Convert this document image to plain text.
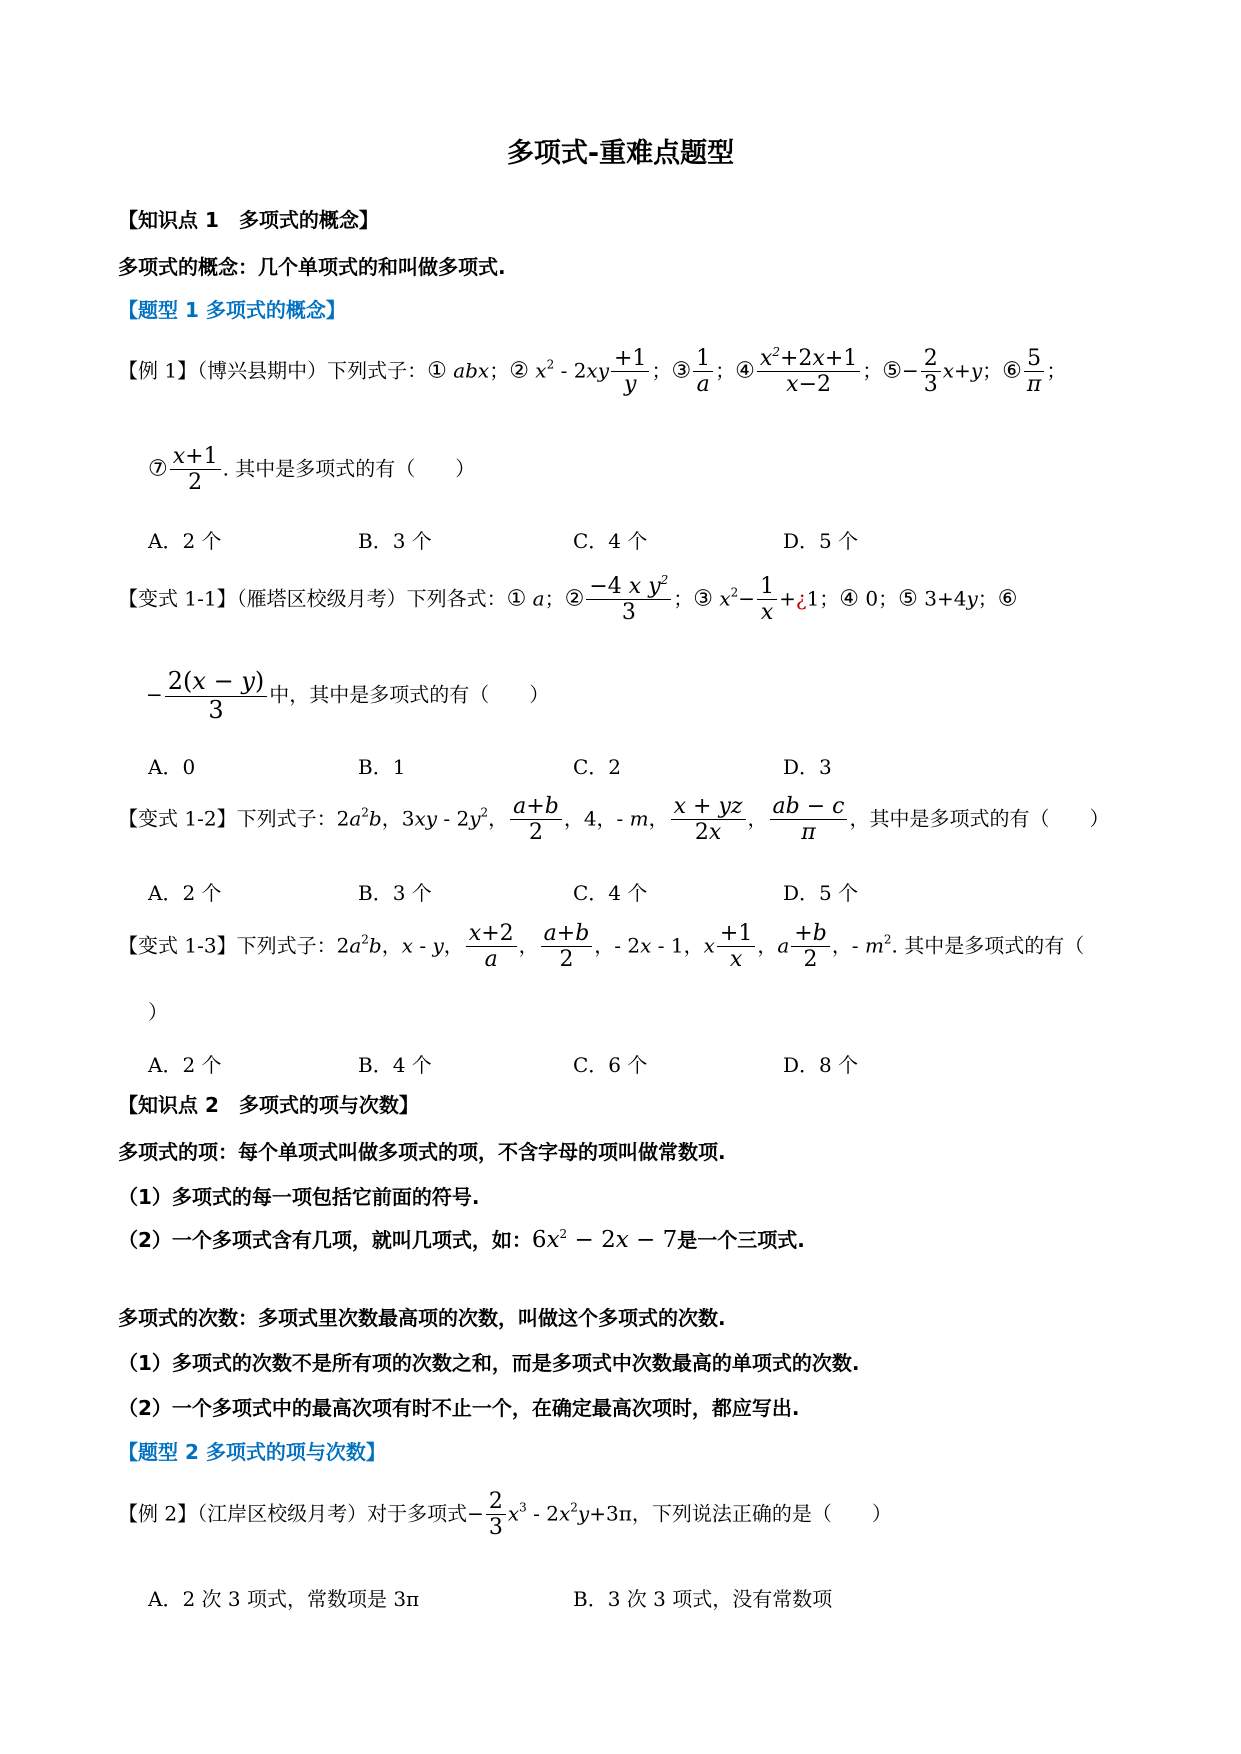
多项式-重难点题型
【知识点 1　多项式的概念】
多项式的概念：几个单项式的和叫做多项式.
【题型 1 多项式的概念】
【例 1】（博兴县期中）下列式子：① abx；② $x^2 - 2xy \frac{+1}{y}$ ；③ $\frac{1}{a}$ ；④ $\frac{x^2+2x+1}{x-2}$ ；⑤− $\frac{2}{3} x+y$；⑥ $\frac{5}{\pi}$ ；
⑦ $\frac{x+1}{2}$ . 其中是多项式的有（　　）
A．2 个	B．3 个	C．4 个	D．5 个
【变式 1-1】（雁塔区校级月考）下列各式：① a；② $\frac{-4 x y^2}{3}$ ；③ $x^2- \frac{1}{x}$ +¿1；④ 0；⑤ 3+4y；⑥
− $\frac{2(x - y)}{3}$ 中，其中是多项式的有（　　）
A．0	B．1	C．2	D．3
【变式 1-2】下列式子：$2a^2b$，$3xy - 2y^2$， $\frac{a+b}{2}$ ，4，- m， $\frac{x + yz}{2x}$ ， $\frac{ab - c}{\pi}$ ，其中是多项式的有（　　）
A．2 个	B．3 个	C．4 个	D．5 个
【变式 1-3】下列式子：$2a^2b$，x - y， $\frac{x+2}{a}$ ， $\frac{a+b}{2}$ ，- 2x - 1，x $\frac{+1}{x}$ ，a $\frac{+b}{2}$ ，- $m^2$. 其中是多项式的有（
）
A．2 个	B．4 个	C．6 个	D．8 个
【知识点 2　多项式的项与次数】
多项式的项：每个单项式叫做多项式的项，不含字母的项叫做常数项.
（1）多项式的每一项包括它前面的符号.
（2）一个多项式含有几项，就叫几项式，如：$6x^2 - 2x - 7$是一个三项式.
多项式的次数：多项式里次数最高项的次数，叫做这个多项式的次数.
（1）多项式的次数不是所有项的次数之和，而是多项式中次数最高的单项式的次数.
（2）一个多项式中的最高次项有时不止一个，在确定最高次项时，都应写出.
【题型 2 多项式的项与次数】
【例 2】（江岸区校级月考）对于多项式− $\frac{2}{3} x^3 - 2x^2y+3\pi$，下列说法正确的是（　　）
A．2 次 3 项式，常数项是 3π	B．3 次 3 项式，没有常数项
